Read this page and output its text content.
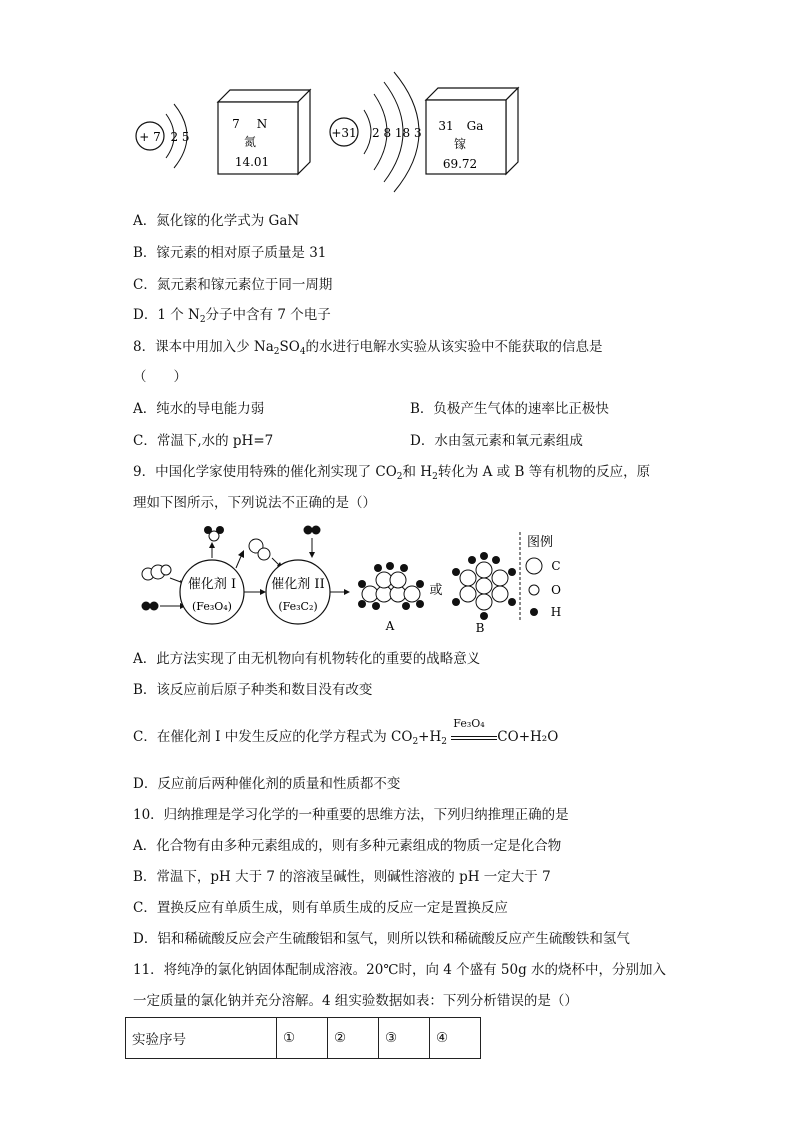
+ 7 2 5
7 N
氮
14.01
+31 2 8 18 3 31 Ga
镓
69.72
A．氮化镓的化学式为 GaN
B．镓元素的相对原子质量是 31
C．氮元素和镓元素位于同一周期
D．1 个 $N_2$分子中含有 7 个电子
8．课本中用加入少 $Na_2SO_4$的水进行电解水实验从该实验中不能获取的信息是
（　　）
A．纯水的导电能力弱	B．负极产生气体的速率比正极快
C．常温下,水的 pH=7	D．水由氢元素和氧元素组成
9．中国化学家使用特殊的催化剂实现了 $CO_2$和 $H_2$转化为 A 或 B 等有机物的反应，原
理如下图所示，下列说法不正确的是（）
催化剂 I
(Fe₃O₄)
催化剂 II
(Fe₃C₂)
A
或
B
图例
C
O
H
A．此方法实现了由无机物向有机物转化的重要的战略意义
B．该反应前后原子种类和数目没有改变
C．在催化剂 I 中发生反应的化学方程式为 $CO_2+H_2$
Fe₃O₄
CO+H₂O
D．反应前后两种催化剂的质量和性质都不变
10．归纳推理是学习化学的一种重要的思维方法，下列归纳推理正确的是
A．化合物有由多种元素组成的，则有多种元素组成的物质一定是化合物
B．常温下，pH 大于 7 的溶液呈碱性，则碱性溶液的 pH 一定大于 7
C．置换反应有单质生成，则有单质生成的反应一定是置换反应
D．铝和稀硫酸反应会产生硫酸铝和氢气，则所以铁和稀硫酸反应产生硫酸铁和氢气
11．将纯净的氯化钠固体配制成溶液。20℃时，向 4 个盛有 50g 水的烧杯中，分别加入
一定质量的氯化钠并充分溶解。4 组实验数据如表：下列分析错误的是（）
实验序号	①	②	③	④
